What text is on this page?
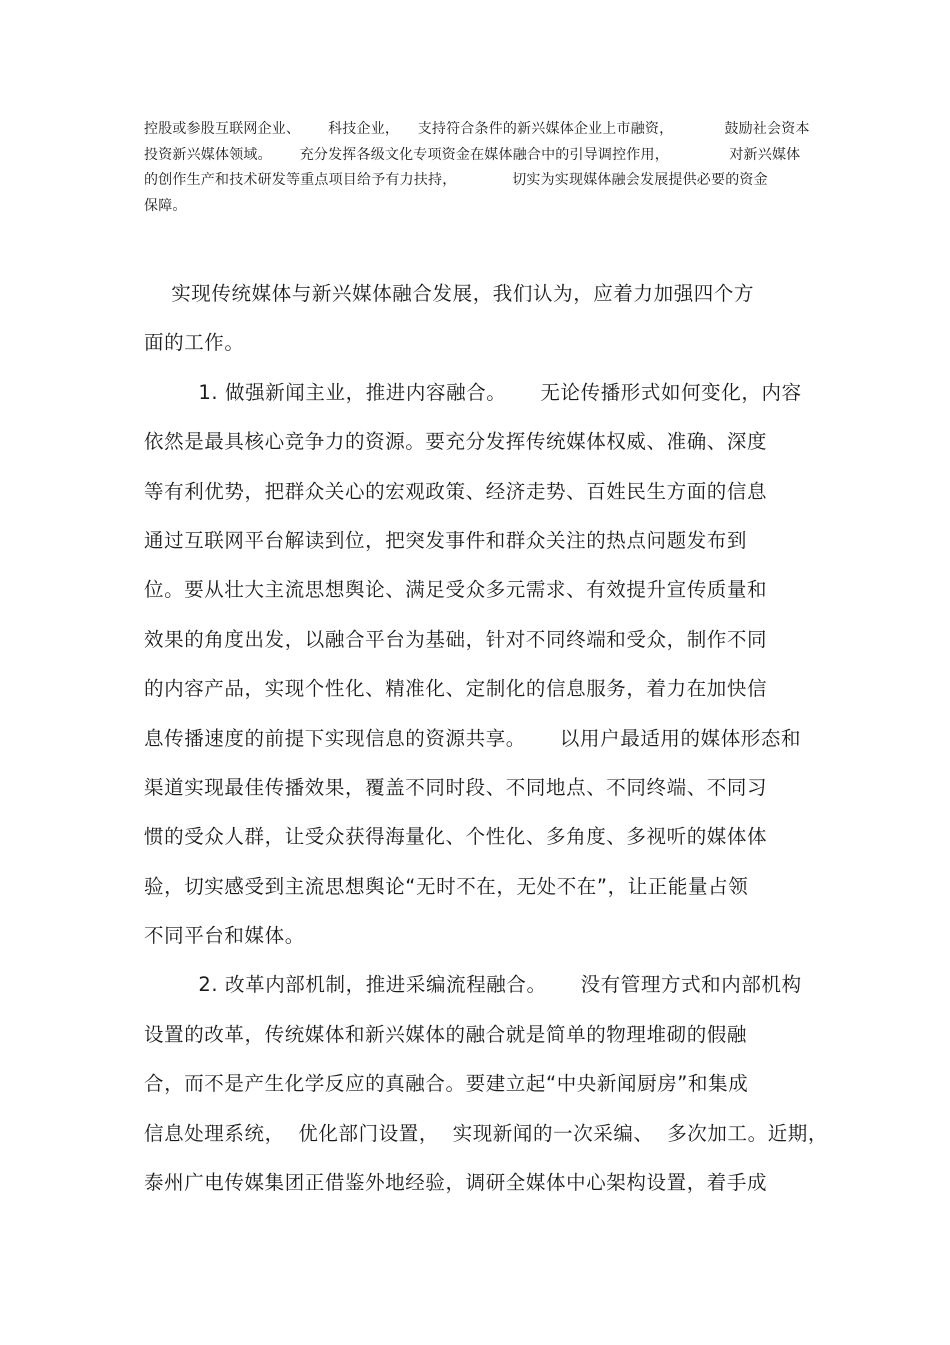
控股或参股互联网企业、      科技企业，    支持符合条件的新兴媒体企业上市融资，           鼓励社会资本
投资新兴媒体领域。      充分发挥各级文化专项资金在媒体融合中的引导调控作用，             对新兴媒体
的创作生产和技术研发等重点项目给予有力扶持，            切实为实现媒体融会发展提供必要的资金
保障。
实现传统媒体与新兴媒体融合发展，我们认为，应着力加强四个方
面的工作。
1. 做强新闻主业，推进内容融合。     无论传播形式如何变化，内容
依然是最具核心竞争力的资源。要充分发挥传统媒体权威、准确、深度
等有利优势，把群众关心的宏观政策、经济走势、百姓民生方面的信息
通过互联网平台解读到位，把突发事件和群众关注的热点问题发布到
位。要从壮大主流思想舆论、满足受众多元需求、有效提升宣传质量和
效果的角度出发，以融合平台为基础，针对不同终端和受众，制作不同
的内容产品，实现个性化、精准化、定制化的信息服务，着力在加快信
息传播速度的前提下实现信息的资源共享。     以用户最适用的媒体形态和
渠道实现最佳传播效果，覆盖不同时段、不同地点、不同终端、不同习
惯的受众人群，让受众获得海量化、个性化、多角度、多视听的媒体体
验，切实感受到主流思想舆论“无时不在，无处不在”，让正能量占领
不同平台和媒体。
2. 改革内部机制，推进采编流程融合。     没有管理方式和内部机构
设置的改革，传统媒体和新兴媒体的融合就是简单的物理堆砌的假融
合，而不是产生化学反应的真融合。要建立起“中央新闻厨房”和集成
信息处理系统，  优化部门设置，  实现新闻的一次采编、  多次加工。近期，
泰州广电传媒集团正借鉴外地经验，调研全媒体中心架构设置，着手成
